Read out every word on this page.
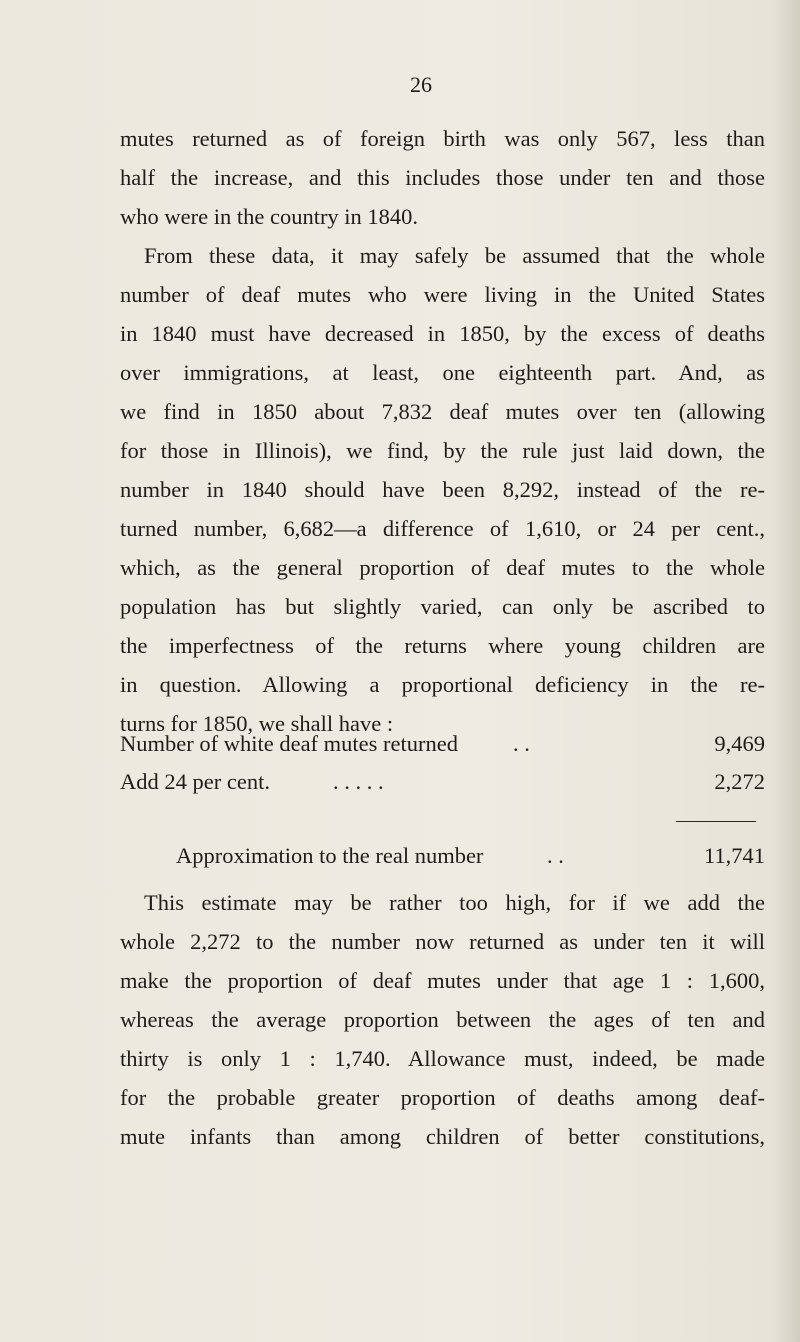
26
mutes returned as of foreign birth was only 567, less than
half the increase, and this includes those under ten and those
who were in the country in 1840.
From these data, it may safely be assumed that the whole
number of deaf mutes who were living in the United States
in 1840 must have decreased in 1850, by the excess of deaths
over immigrations, at least, one eighteenth part. And, as
we find in 1850 about 7,832 deaf mutes over ten (allowing
for those in Illinois), we find, by the rule just laid down, the
number in 1840 should have been 8,292, instead of the re-
turned number, 6,682—a difference of 1,610, or 24 per cent.,
which, as the general proportion of deaf mutes to the whole
population has but slightly varied, can only be ascribed to
the imperfectness of the returns where young children are
in question. Allowing a proportional deficiency in the re-
turns for 1850, we shall have :
Number of white deaf mutes returned . .	9,469
Add 24 per cent.	. . . . .	2,272
Approximation to the real number	. .	11,741
This estimate may be rather too high, for if we add the
whole 2,272 to the number now returned as under ten it will
make the proportion of deaf mutes under that age 1 : 1,600,
whereas the average proportion between the ages of ten and
thirty is only 1 : 1,740. Allowance must, indeed, be made
for the probable greater proportion of deaths among deaf-
mute infants than among children of better constitutions,
